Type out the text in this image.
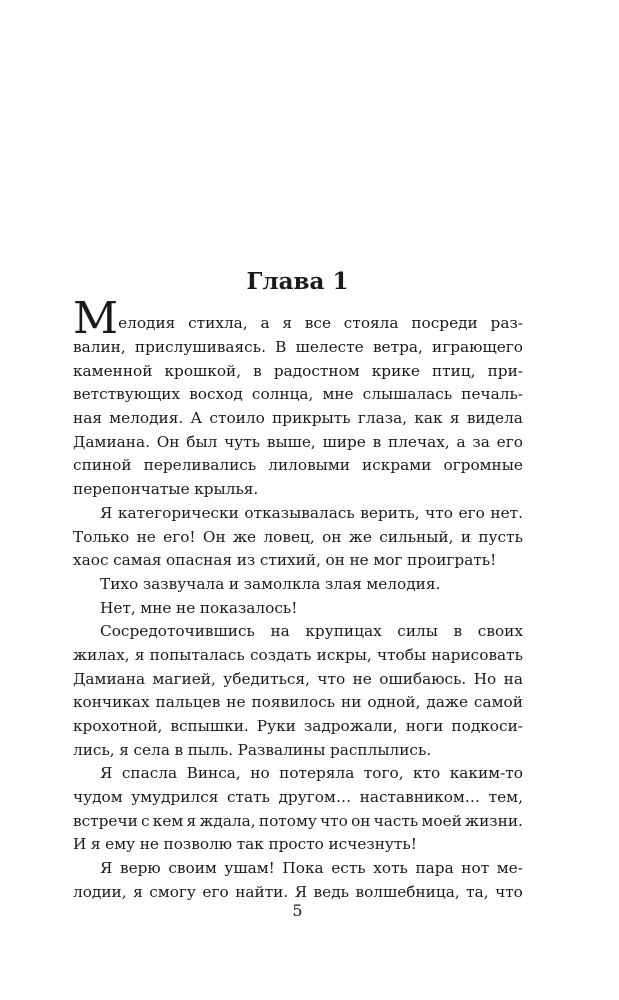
Глава 1
Мелодия стихла, а я все стояла посреди раз-
валин, прислушиваясь. В шелесте ветра, играющего
каменной крошкой, в радостном крике птиц, при-
ветствующих восход солнца, мне слышалась печаль-
ная мелодия. А стоило прикрыть глаза, как я видела
Дамиана. Он был чуть выше, шире в плечах, а за его
спиной переливались лиловыми искрами огромные
перепончатые крылья.
Я категорически отказывалась верить, что его нет.
Только не его! Он же ловец, он же сильный, и пусть
хаос самая опасная из стихий, он не мог проиграть!
Тихо зазвучала и замолкла злая мелодия.
Нет, мне не показалось!
Сосредоточившись на крупицах силы в своих
жилах, я попыталась создать искры, чтобы нарисовать
Дамиана магией, убедиться, что не ошибаюсь. Но на
кончиках пальцев не появилось ни одной, даже самой
крохотной, вспышки. Руки задрожали, ноги подкоси-
лись, я села в пыль. Развалины расплылись.
Я спасла Винса, но потеряла того, кто каким-то
чудом умудрился стать другом… наставником… тем,
встречи с кем я ждала, потому что он часть моей жизни.
И я ему не позволю так просто исчезнуть!
Я верю своим ушам! Пока есть хоть пара нот ме-
лодии, я смогу его найти. Я ведь волшебница, та, что
5
